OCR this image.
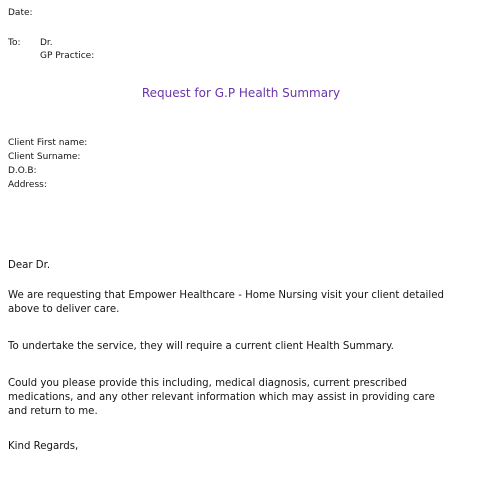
Date:
To: Dr.
GP Practice:
Request for G.P Health Summary
Client First name:
Client Surname:
D.O.B:
Address:
Dear Dr.
We are requesting that Empower Healthcare - Home Nursing visit your client detailed
above to deliver care.
To undertake the service, they will require a current client Health Summary.
Could you please provide this including, medical diagnosis, current prescribed
medications, and any other relevant information which may assist in providing care
and return to me.
Kind Regards,
